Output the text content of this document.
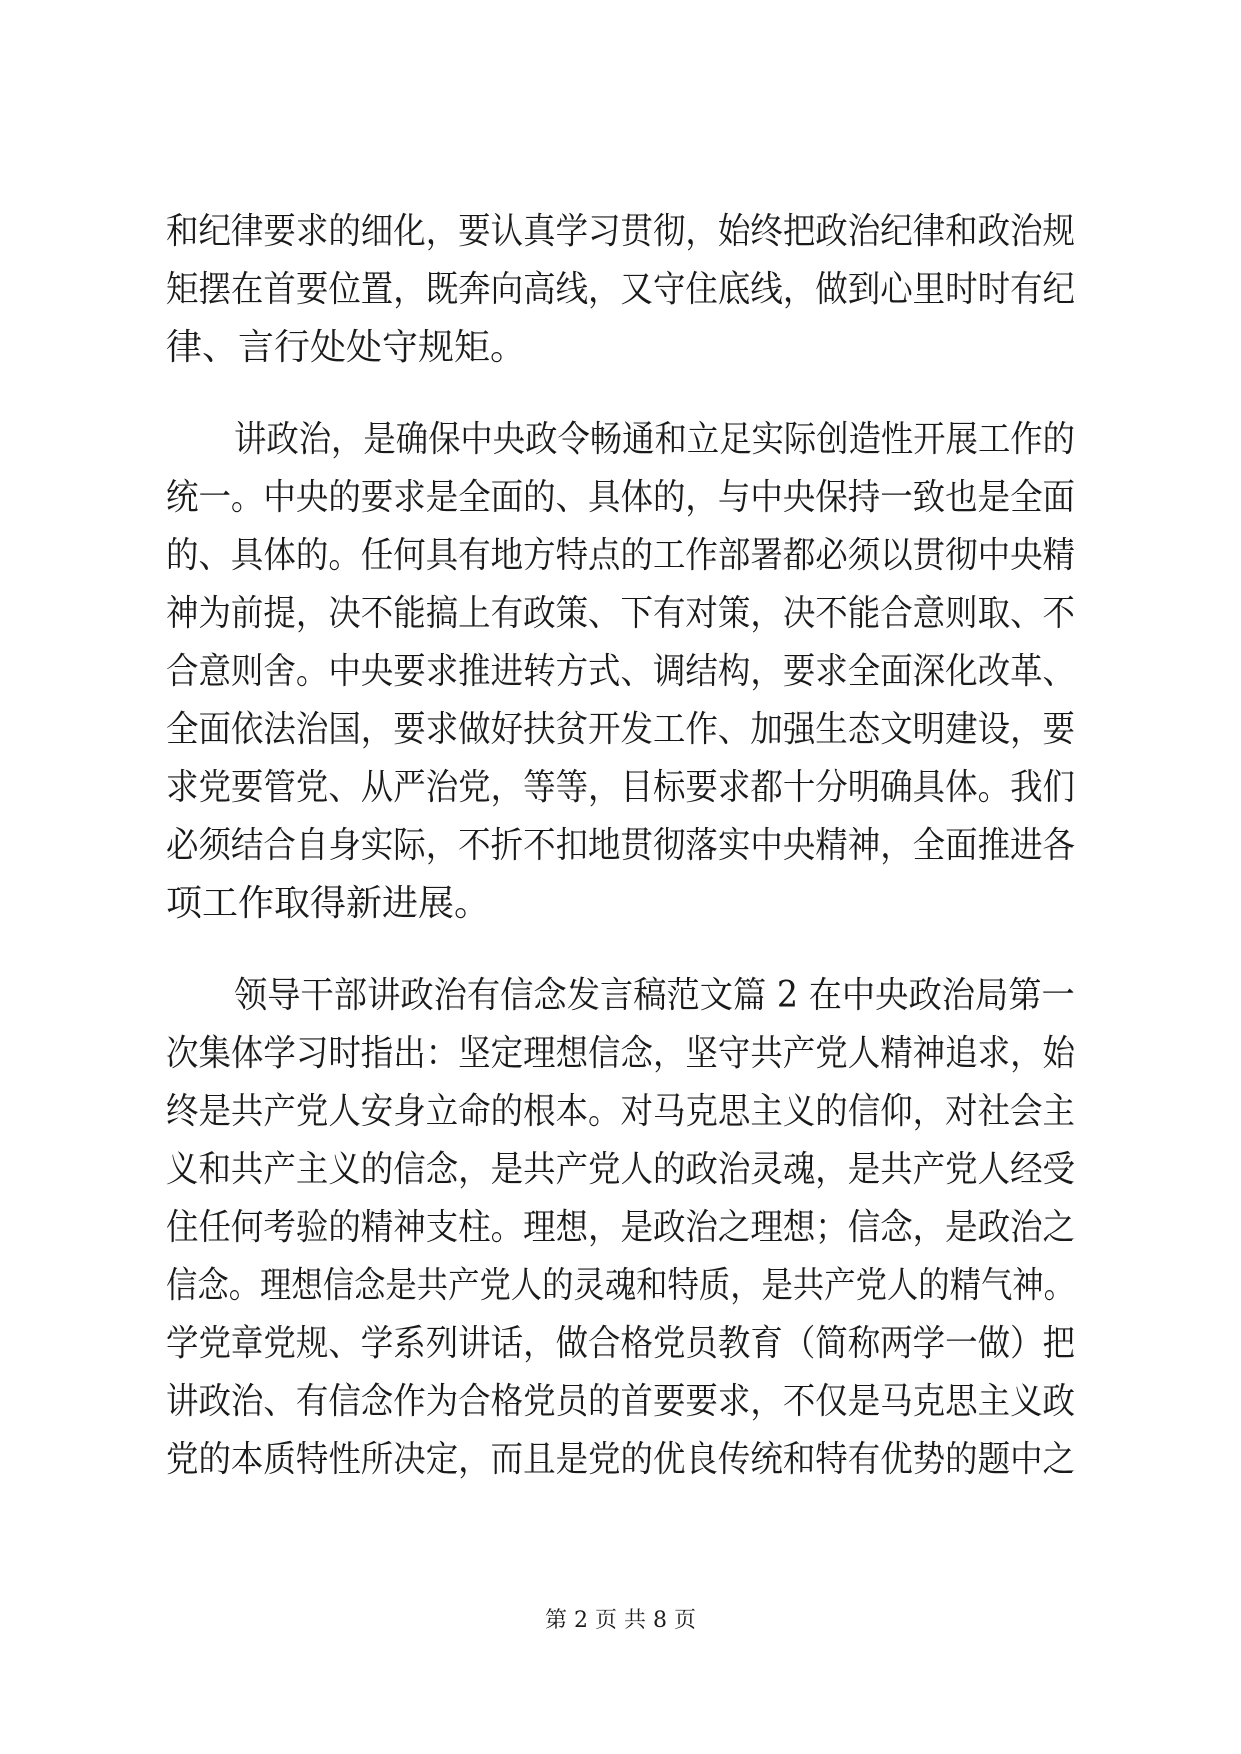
和纪律要求的细化，要认真学习贯彻，始终把政治纪律和政治规
矩摆在首要位置，既奔向高线，又守住底线，做到心里时时有纪
律、言行处处守规矩。
讲政治，是确保中央政令畅通和立足实际创造性开展工作的
统一。中央的要求是全面的、具体的，与中央保持一致也是全面
的、具体的。任何具有地方特点的工作部署都必须以贯彻中央精
神为前提，决不能搞上有政策、下有对策，决不能合意则取、不
合意则舍。中央要求推进转方式、调结构，要求全面深化改革、
全面依法治国，要求做好扶贫开发工作、加强生态文明建设，要
求党要管党、从严治党，等等，目标要求都十分明确具体。我们
必须结合自身实际，不折不扣地贯彻落实中央精神，全面推进各
项工作取得新进展。
领导干部讲政治有信念发言稿范文篇 2 在中央政治局第一
次集体学习时指出：坚定理想信念，坚守共产党人精神追求，始
终是共产党人安身立命的根本。对马克思主义的信仰，对社会主
义和共产主义的信念，是共产党人的政治灵魂，是共产党人经受
住任何考验的精神支柱。理想，是政治之理想；信念，是政治之
信念。理想信念是共产党人的灵魂和特质，是共产党人的精气神。
学党章党规、学系列讲话，做合格党员教育（简称两学一做）把
讲政治、有信念作为合格党员的首要要求，不仅是马克思主义政
党的本质特性所决定，而且是党的优良传统和特有优势的题中之
第 2 页 共 8 页
